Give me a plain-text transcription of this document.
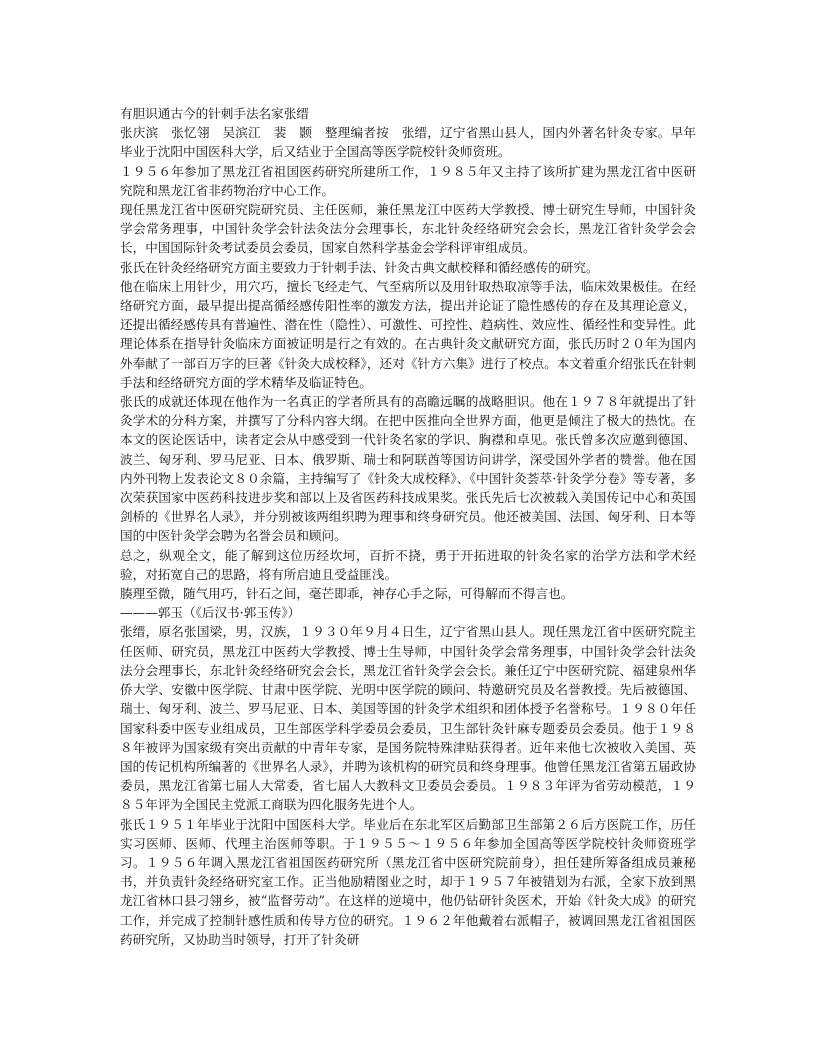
有胆识通古今的针刺手法名家张缙

张庆滨　张忆翎　吴滨江　裴　颢　整理编者按　张缙，辽宁省黑山县人，国内外著名针灸专家。早年毕业于沈阳中国医科大学，后又结业于全国高等医学院校针灸师资班。

１９５６年参加了黑龙江省祖国医药研究所建所工作，１９８５年又主持了该所扩建为黑龙江省中医研究院和黑龙江省非药物治疗中心工作。

现任黑龙江省中医研究院研究员、主任医师，兼任黑龙江中医药大学教授、博士研究生导师，中国针灸学会常务理事，中国针灸学会针法灸法分会理事长，东北针灸经络研究会会长，黑龙江省针灸学会会长，中国国际针灸考试委员会委员，国家自然科学基金会学科评审组成员。

张氏在针灸经络研究方面主要致力于针刺手法、针灸古典文献校释和循经感传的研究。

他在临床上用针少，用穴巧，擅长飞经走气、气至病所以及用针取热取凉等手法，临床效果极佳。在经络研究方面，最早提出提高循经感传阳性率的激发方法，提出并论证了隐性感传的存在及其理论意义，还提出循经感传具有普遍性、潜在性（隐性）、可激性、可控性、趋病性、效应性、循经性和变异性。此理论体系在指导针灸临床方面被证明是行之有效的。在古典针灸文献研究方面，张氏历时２０年为国内外奉献了一部百万字的巨著《针灸大成校释》，还对《针方六集》进行了校点。本文着重介绍张氏在针刺手法和经络研究方面的学术精华及临证特色。

张氏的成就还体现在他作为一名真正的学者所具有的高瞻远瞩的战略胆识。他在１９７８年就提出了针灸学术的分科方案，并撰写了分科内容大纲。在把中医推向全世界方面，他更是倾注了极大的热忱。在本文的医论医话中，读者定会从中感受到一代针灸名家的学识、胸襟和卓见。张氏曾多次应邀到德国、波兰、匈牙利、罗马尼亚、日本、俄罗斯、瑞士和阿联酋等国访问讲学，深受国外学者的赞誉。他在国内外刊物上发表论文８０余篇，主持编写了《针灸大成校释》、《中国针灸荟萃·针灸学分卷》等专著，多次荣获国家中医药科技进步奖和部以上及省医药科技成果奖。张氏先后七次被载入美国传记中心和英国剑桥的《世界名人录》，并分别被该两组织聘为理事和终身研究员。他还被美国、法国、匈牙利、日本等国的中医针灸学会聘为名誉会员和顾问。

总之，纵观全文，能了解到这位历经坎坷，百折不挠，勇于开拓进取的针灸名家的治学方法和学术经验，对拓宽自己的思路，将有所启迪且受益匪浅。

腠理至微，随气用巧，针石之间，毫芒即乖，神存心手之际，可得解而不得言也。

———郭玉（《后汉书·郭玉传》）

张缙，原名张国梁，男，汉族，１９３０年９月４日生，辽宁省黑山县人。现任黑龙江省中医研究院主任医师、研究员，黑龙江中医药大学教授、博士生导师，中国针灸学会常务理事，中国针灸学会针法灸法分会理事长，东北针灸经络研究会会长，黑龙江省针灸学会会长。兼任辽宁中医研究院、福建泉州华侨大学、安徽中医学院、甘肃中医学院、光明中医学院的顾问、特邀研究员及名誉教授。先后被德国、瑞士、匈牙利、波兰、罗马尼亚、日本、美国等国的针灸学术组织和团体授予名誉称号。１９８０年任国家科委中医专业组成员，卫生部医学科学委员会委员，卫生部针灸针麻专题委员会委员。他于１９８８年被评为国家级有突出贡献的中青年专家，是国务院特殊津贴获得者。近年来他七次被收入美国、英国的传记机构所编著的《世界名人录》，并聘为该机构的研究员和终身理事。他曾任黑龙江省第五届政协委员，黑龙江省第七届人大常委，省七届人大教科文卫委员会委员。１９８３年评为省劳动模范，１９８５年评为全国民主党派工商联为四化服务先进个人。

张氏１９５１年毕业于沈阳中国医科大学。毕业后在东北军区后勤部卫生部第２６后方医院工作，历任实习医师、医师、代理主治医师等职。于１９５５～１９５６年参加全国高等医学院校针灸师资班学习。１９５６年调入黑龙江省祖国医药研究所（黑龙江省中医研究院前身），担任建所筹备组成员兼秘书，并负责针灸经络研究室工作。正当他励精图业之时，却于１９５７年被错划为右派，全家下放到黑龙江省林口县刁翎乡，被“监督劳动”。在这样的逆境中，他仍钻研针灸医术，开始《针灸大成》的研究工作，并完成了控制针感性质和传导方位的研究。１９６２年他戴着右派帽子，被调回黑龙江省祖国医药研究所，又协助当时领导，打开了针灸研
